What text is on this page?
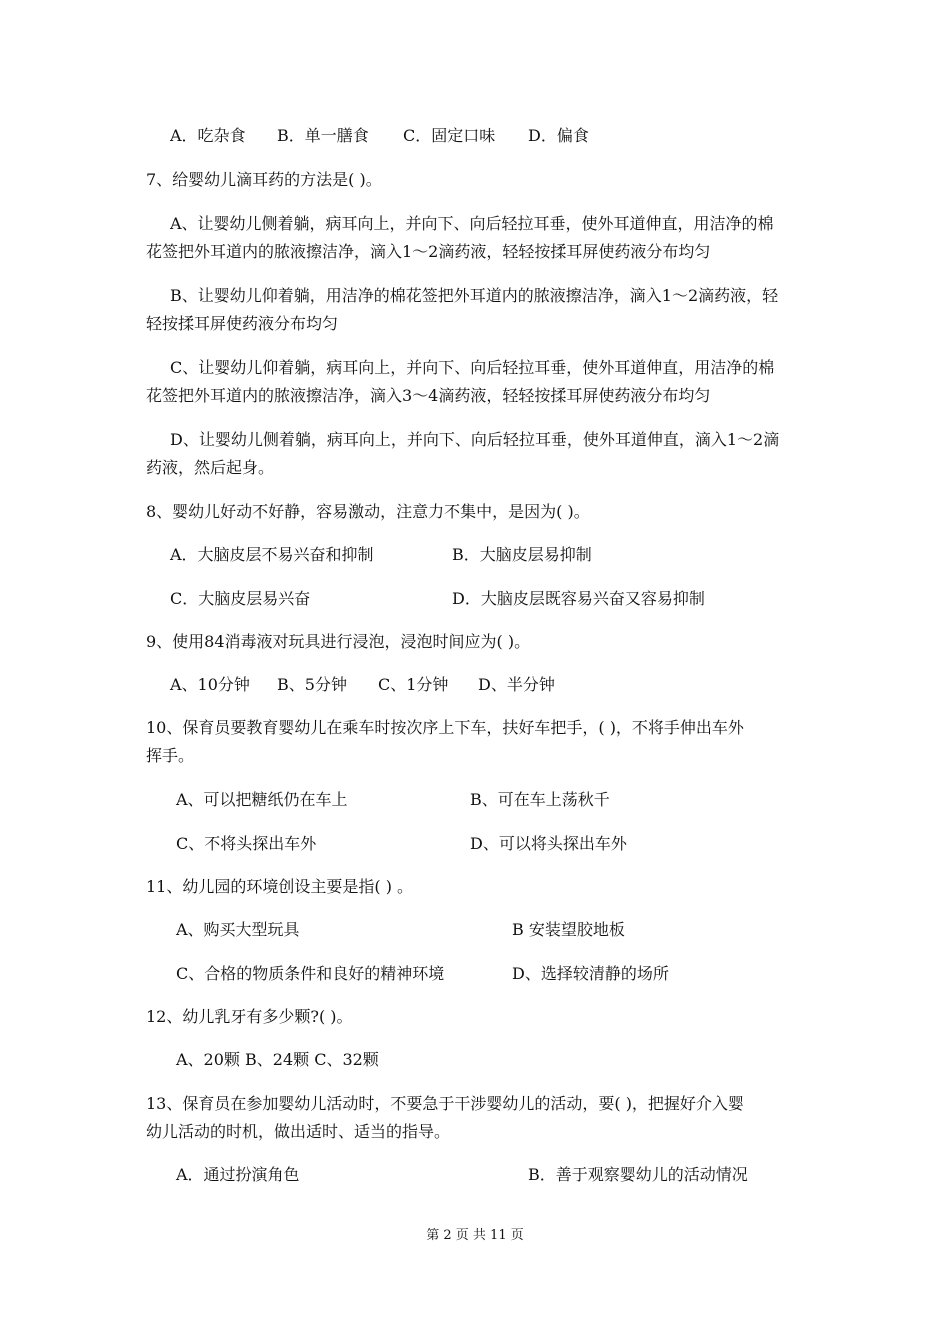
A．吃杂食 B．单一膳食 C．固定口味 D．偏食
7、给婴幼儿滴耳药的方法是( )。
A、让婴幼儿侧着躺，病耳向上，并向下、向后轻拉耳垂，使外耳道伸直，用洁净的棉
花签把外耳道内的脓液擦洁净，滴入1～2滴药液，轻轻按揉耳屏使药液分布均匀
B、让婴幼儿仰着躺，用洁净的棉花签把外耳道内的脓液擦洁净，滴入1～2滴药液，轻
轻按揉耳屏使药液分布均匀
C、让婴幼儿仰着躺，病耳向上，并向下、向后轻拉耳垂，使外耳道伸直，用洁净的棉
花签把外耳道内的脓液擦洁净，滴入3～4滴药液，轻轻按揉耳屏使药液分布均匀
D、让婴幼儿侧着躺，病耳向上，并向下、向后轻拉耳垂，使外耳道伸直，滴入1～2滴
药液，然后起身。
8、婴幼儿好动不好静，容易激动，注意力不集中，是因为( )。
A．大脑皮层不易兴奋和抑制	B．大脑皮层易抑制
C．大脑皮层易兴奋	D．大脑皮层既容易兴奋又容易抑制
9、使用84消毒液对玩具进行浸泡，浸泡时间应为( )。
A、10分钟 B、5分钟 C、1分钟 D、半分钟
10、保育员要教育婴幼儿在乘车时按次序上下车，扶好车把手，( )，不将手伸出车外
挥手。
A、可以把糖纸仍在车上	B、可在车上荡秋千
C、不将头探出车外	D、可以将头探出车外
11、幼儿园的环境创设主要是指( ) 。
A、购买大型玩具	B 安装望胶地板
C、合格的物质条件和良好的精神环境	D、选择较清静的场所
12、幼儿乳牙有多少颗?( )。
A、20颗 B、24颗 C、32颗
13、保育员在参加婴幼儿活动时，不要急于干涉婴幼儿的活动，要( )，把握好介入婴
幼儿活动的时机，做出适时、适当的指导。
A．通过扮演角色	B．善于观察婴幼儿的活动情况
第 2 页 共 11 页
